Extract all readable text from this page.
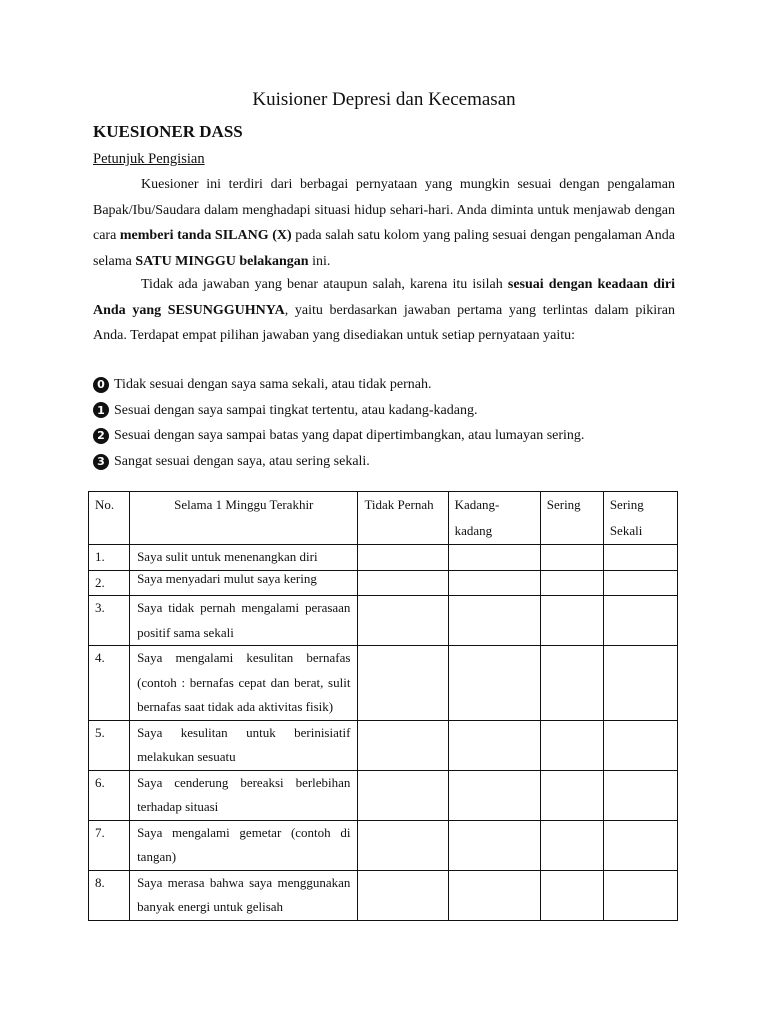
Kuisioner Depresi dan Kecemasan
KUESIONER DASS
Petunjuk Pengisian

Kuesioner ini terdiri dari berbagai pernyataan yang mungkin sesuai dengan pengalaman Bapak/Ibu/Saudara dalam menghadapi situasi hidup sehari-hari. Anda diminta untuk menjawab dengan cara memberi tanda SILANG (X) pada salah satu kolom yang paling sesuai dengan pengalaman Anda selama SATU MINGGU belakangan ini.

Tidak ada jawaban yang benar ataupun salah, karena itu isilah sesuai dengan keadaan diri Anda yang SESUNGGUHNYA, yaitu berdasarkan jawaban pertama yang terlintas dalam pikiran Anda. Terdapat empat pilihan jawaban yang disediakan untuk setiap pernyataan yaitu:

0 Tidak sesuai dengan saya sama sekali, atau tidak pernah.
1 Sesuai dengan saya sampai tingkat tertentu, atau kadang-kadang.
2 Sesuai dengan saya sampai batas yang dapat dipertimbangkan, atau lumayan sering.
3 Sangat sesuai dengan saya, atau sering sekali.
No.	Selama 1 Minggu Terakhir	Tidak Pernah	Kadang-kadang	Sering	Sering Sekali
1.	Saya sulit untuk menenangkan diri				
2.	Saya menyadari mulut saya kering				
3.	Saya tidak pernah mengalami perasaan positif sama sekali				
4.	Saya mengalami kesulitan bernafas (contoh : bernafas cepat dan berat, sulit bernafas saat tidak ada aktivitas fisik)				
5.	Saya kesulitan untuk berinisiatif melakukan sesuatu				
6.	Saya cenderung bereaksi berlebihan terhadap situasi				
7.	Saya mengalami gemetar (contoh di tangan)				
8.	Saya merasa bahwa saya menggunakan banyak energi untuk gelisah				
